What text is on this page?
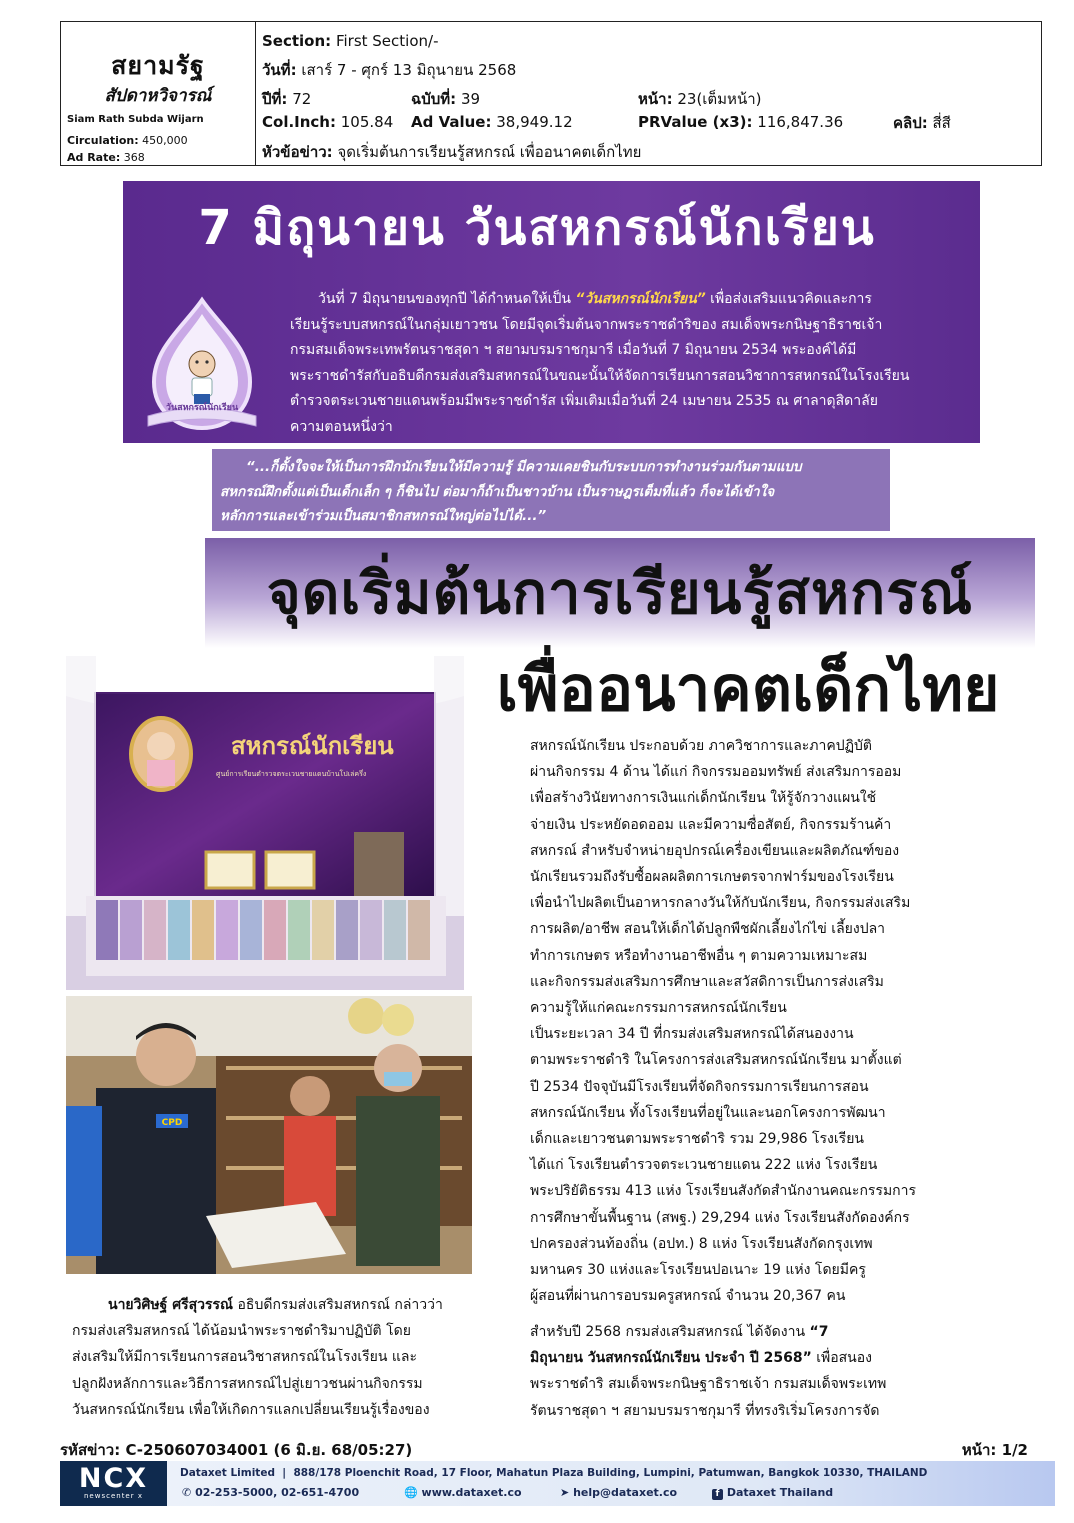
สยามรัฐ
สัปดาหวิจารณ์
Siam Rath Subda Wijarn
Circulation: 450,000
Ad Rate: 368
Section: First Section/-
วันที่: เสาร์ 7 - ศุกร์ 13 มิถุนายน 2568
ปีที่: 72	ฉบับที่: 39	หน้า: 23(เต็มหน้า)
Col.Inch: 105.84 Ad Value: 38,949.12	PRValue (x3): 116,847.36	คลิป: สี่สี
หัวข้อข่าว: จุดเริ่มต้นการเรียนรู้สหกรณ์ เพื่ออนาคตเด็กไทย
7 มิถุนายน วันสหกรณ์นักเรียน
วันสหกรณ์นักเรียน
วันที่ 7 มิถุนายนของทุกปี ได้กำหนดให้เป็น “วันสหกรณ์นักเรียน” เพื่อส่งเสริมแนวคิดและการ
เรียนรู้ระบบสหกรณ์ในกลุ่มเยาวชน โดยมีจุดเริ่มต้นจากพระราชดำริของ สมเด็จพระกนิษฐาธิราชเจ้า
กรมสมเด็จพระเทพรัตนราชสุดา ฯ สยามบรมราชกุมารี เมื่อวันที่ 7 มิถุนายน 2534 พระองค์ได้มี
พระราชดำรัสกับอธิบดีกรมส่งเสริมสหกรณ์ในขณะนั้นให้จัดการเรียนการสอนวิชาการสหกรณ์ในโรงเรียน
ตำรวจตระเวนชายแดนพร้อมมีพระราชดำรัส เพิ่มเติมเมื่อวันที่ 24 เมษายน 2535 ณ ศาลาดุสิดาลัย
ความตอนหนึ่งว่า
“...ก็ตั้งใจจะให้เป็นการฝึกนักเรียนให้มีความรู้ มีความเคยชินกับระบบการทำงานร่วมกันตามแบบ
สหกรณ์ฝึกตั้งแต่เป็นเด็กเล็ก ๆ ก็ชินไป ต่อมาก็ถ้าเป็นชาวบ้าน เป็นราษฎรเต็มที่แล้ว ก็จะได้เข้าใจ
หลักการและเข้าร่วมเป็นสมาชิกสหกรณ์ใหญ่ต่อไปได้...”
จุดเริ่มต้นการเรียนรู้สหกรณ์
เพื่ออนาคตเด็กไทย
สหกรณ์นักเรียน
ศูนย์การเรียนตำรวจตระเวนชายแดนบ้านโปเล่ครึ่ง
CPD
นายวิศิษฐ์ ศรีสุวรรณ์ อธิบดีกรมส่งเสริมสหกรณ์ กล่าวว่า
กรมส่งเสริมสหกรณ์ ได้น้อมนำพระราชดำริมาปฏิบัติ โดย
ส่งเสริมให้มีการเรียนการสอนวิชาสหกรณ์ในโรงเรียน และ
ปลูกฝังหลักการและวิธีการสหกรณ์ไปสู่เยาวชนผ่านกิจกรรม
วันสหกรณ์นักเรียน เพื่อให้เกิดการแลกเปลี่ยนเรียนรู้เรื่องของ
สหกรณ์นักเรียน ประกอบด้วย ภาควิชาการและภาคปฏิบัติ
ผ่านกิจกรรม 4 ด้าน ได้แก่ กิจกรรมออมทรัพย์ ส่งเสริมการออม
เพื่อสร้างวินัยทางการเงินแก่เด็กนักเรียน ให้รู้จักวางแผนใช้
จ่ายเงิน ประหยัดอดออม และมีความซื่อสัตย์, กิจกรรมร้านค้า
สหกรณ์ สำหรับจำหน่ายอุปกรณ์เครื่องเขียนและผลิตภัณฑ์ของ
นักเรียนรวมถึงรับซื้อผลผลิตการเกษตรจากฟาร์มของโรงเรียน
เพื่อนำไปผลิตเป็นอาหารกลางวันให้กับนักเรียน, กิจกรรมส่งเสริม
การผลิต/อาชีพ สอนให้เด็กได้ปลูกพืชผักเลี้ยงไก่ไข่ เลี้ยงปลา
ทำการเกษตร หรือทำงานอาชีพอื่น ๆ ตามความเหมาะสม
และกิจกรรมส่งเสริมการศึกษาและสวัสดิการเป็นการส่งเสริม
ความรู้ให้แก่คณะกรรมการสหกรณ์นักเรียน
เป็นระยะเวลา 34 ปี ที่กรมส่งเสริมสหกรณ์ได้สนองงาน
ตามพระราชดำริ ในโครงการส่งเสริมสหกรณ์นักเรียน มาตั้งแต่
ปี 2534 ปัจจุบันมีโรงเรียนที่จัดกิจกรรมการเรียนการสอน
สหกรณ์นักเรียน ทั้งโรงเรียนที่อยู่ในและนอกโครงการพัฒนา
เด็กและเยาวชนตามพระราชดำริ รวม 29,986 โรงเรียน
ได้แก่ โรงเรียนตำรวจตระเวนชายแดน 222 แห่ง โรงเรียน
พระปริยัติธรรม 413 แห่ง โรงเรียนสังกัดสำนักงานคณะกรรมการ
การศึกษาขั้นพื้นฐาน (สพฐ.) 29,294 แห่ง โรงเรียนสังกัดองค์กร
ปกครองส่วนท้องถิ่น (อปท.) 8 แห่ง โรงเรียนสังกัดกรุงเทพ
มหานคร 30 แห่งและโรงเรียนปอเนาะ 19 แห่ง โดยมีครู
ผู้สอนที่ผ่านการอบรมครูสหกรณ์ จำนวน 20,367 คน
สำหรับปี 2568 กรมส่งเสริมสหกรณ์ ได้จัดงาน “7
มิถุนายน วันสหกรณ์นักเรียน ประจำ ปี 2568” เพื่อสนอง
พระราชดำริ สมเด็จพระกนิษฐาธิราชเจ้า กรมสมเด็จพระเทพ
รัตนราชสุดา ฯ สยามบรมราชกุมารี ที่ทรงริเริ่มโครงการจัด
รหัสข่าว: C-250607034001 (6 มิ.ย. 68/05:27)	หน้า: 1/2
NCX
newscenter x
Dataxet Limited  |  888/178 Ploenchit Road, 17 Floor, Mahatun Plaza Building, Lumpini, Patumwan, Bangkok 10330, THAILAND
✆ 02-253-5000, 02-651-4700	🌐 www.dataxet.co	➤ help@dataxet.co	f Dataxet Thailand
